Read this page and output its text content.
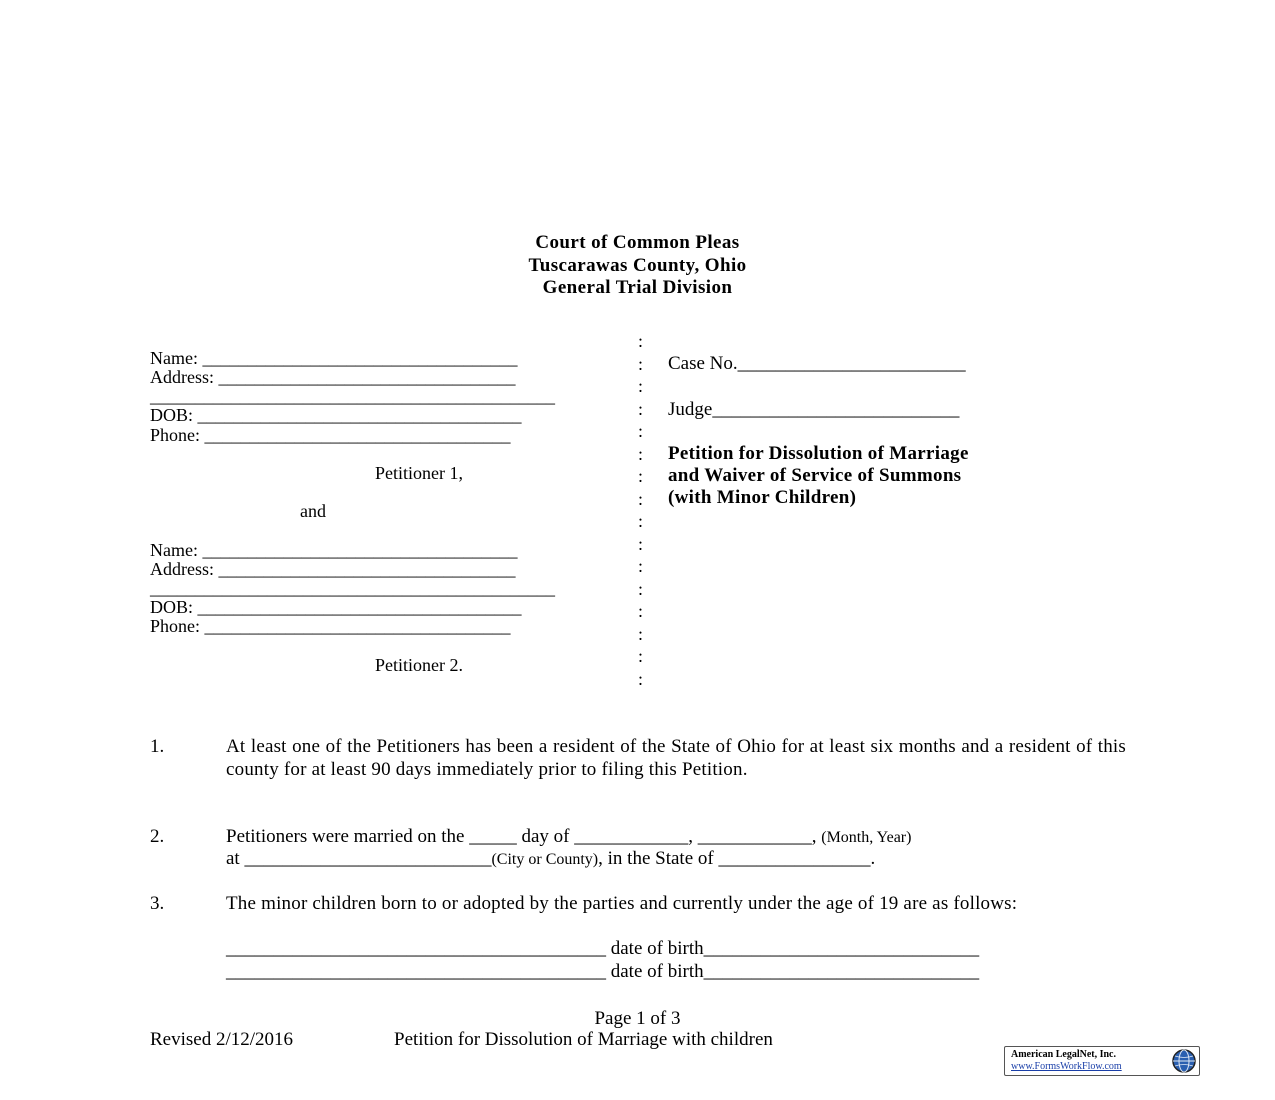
Court of Common Pleas
Tuscarawas County, Ohio
General Trial Division
Name: ___________________________________
Address: _________________________________
_____________________________________________
DOB: ____________________________________
Phone: __________________________________
Petitioner 1,
and
Name: ___________________________________
Address: _________________________________
_____________________________________________
DOB: ____________________________________
Phone: __________________________________
Petitioner 2.
:
:
:
:
:
:
:
:
:
:
:
:
:
:
:
:
Case No.________________________
Judge__________________________
Petition for Dissolution of Marriage
and Waiver of Service of Summons
(with Minor Children)
1.	At least one of the Petitioners has been a resident of the State of Ohio for at least six months and a resident of this county for at least 90 days immediately prior to filing this Petition.
2.	Petitioners were married on the _____ day of ____________, ____________, (Month, Year)
at __________________________(City or County), in the State of ________________.
3.	The minor children born to or adopted by the parties and currently under the age of 19 are as follows:
________________________________________ date of birth_____________________________
________________________________________ date of birth_____________________________
Page 1 of 3
Revised 2/12/2016	Petition for Dissolution of Marriage with children
American LegalNet, Inc.
www.FormsWorkFlow.com
